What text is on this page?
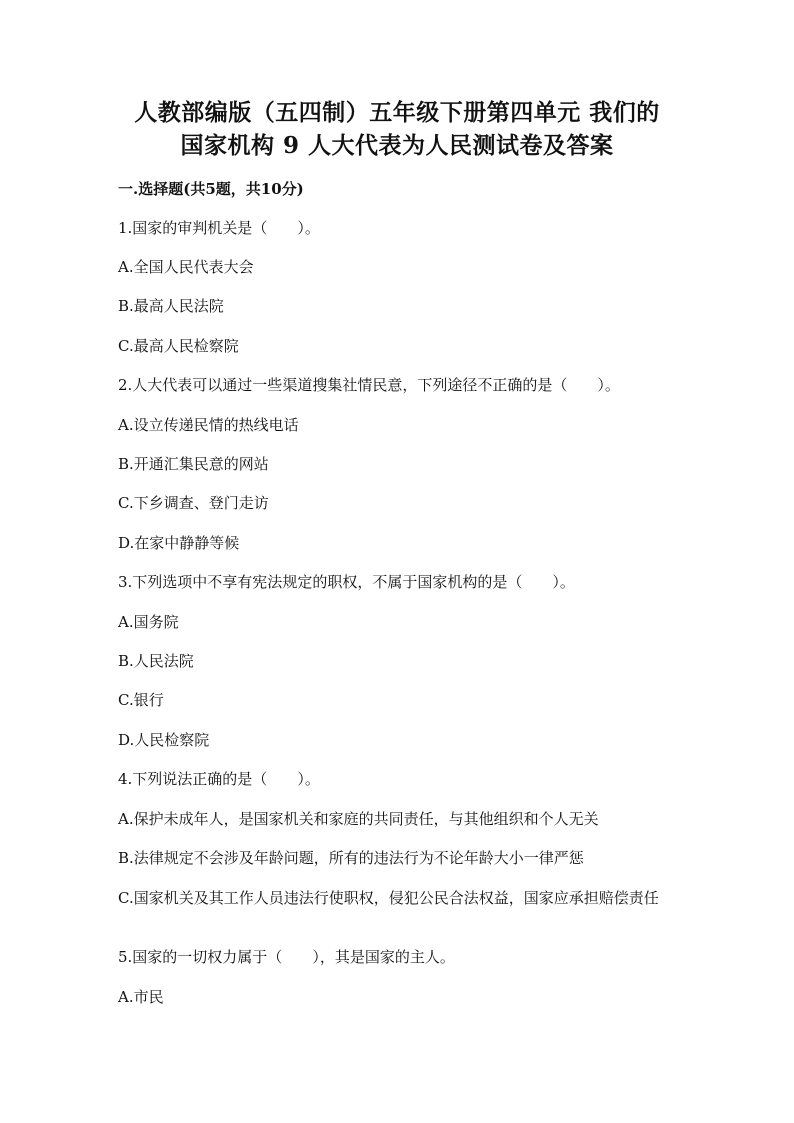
人教部编版（五四制）五年级下册第四单元 我们的
国家机构 9 人大代表为人民测试卷及答案
一.选择题(共5题，共10分)
1.国家的审判机关是（　　）。
A.全国人民代表大会
B.最高人民法院
C.最高人民检察院
2.人大代表可以通过一些渠道搜集社情民意，下列途径不正确的是（　　）。
A.设立传递民情的热线电话
B.开通汇集民意的网站
C.下乡调查、登门走访
D.在家中静静等候
3.下列选项中不享有宪法规定的职权，不属于国家机构的是（　　）。
A.国务院
B.人民法院
C.银行
D.人民检察院
4.下列说法正确的是（　　）。
A.保护未成年人，是国家机关和家庭的共同责任，与其他组织和个人无关
B.法律规定不会涉及年龄问题，所有的违法行为不论年龄大小一律严惩
C.国家机关及其工作人员违法行使职权，侵犯公民合法权益，国家应承担赔偿责任
5.国家的一切权力属于（　　），其是国家的主人。
A.市民
